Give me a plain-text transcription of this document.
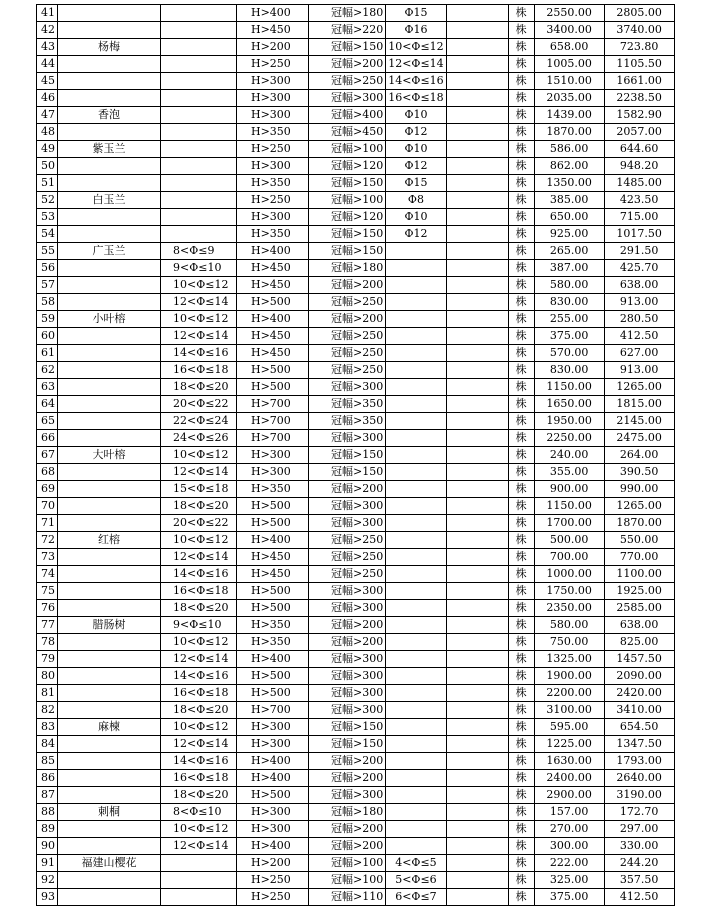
41			H>400	冠幅>180	Φ15		株	2550.00	2805.00
42			H>450	冠幅>220	Φ16		株	3400.00	3740.00
43	杨梅		H>200	冠幅>150	10<Φ≤12		株	658.00	723.80
44			H>250	冠幅>200	12<Φ≤14		株	1005.00	1105.50
45			H>300	冠幅>250	14<Φ≤16		株	1510.00	1661.00
46			H>300	冠幅>300	16<Φ≤18		株	2035.00	2238.50
47	香泡		H>300	冠幅>400	Φ10		株	1439.00	1582.90
48			H>350	冠幅>450	Φ12		株	1870.00	2057.00
49	紫玉兰		H>250	冠幅>100	Φ10		株	586.00	644.60
50			H>300	冠幅>120	Φ12		株	862.00	948.20
51			H>350	冠幅>150	Φ15		株	1350.00	1485.00
52	白玉兰		H>250	冠幅>100	Φ8		株	385.00	423.50
53			H>300	冠幅>120	Φ10		株	650.00	715.00
54			H>350	冠幅>150	Φ12		株	925.00	1017.50
55	广玉兰	8<Φ≤9	H>400	冠幅>150			株	265.00	291.50
56		9<Φ≤10	H>450	冠幅>180			株	387.00	425.70
57		10<Φ≤12	H>450	冠幅>200			株	580.00	638.00
58		12<Φ≤14	H>500	冠幅>250			株	830.00	913.00
59	小叶榕	10<Φ≤12	H>400	冠幅>200			株	255.00	280.50
60		12<Φ≤14	H>450	冠幅>250			株	375.00	412.50
61		14<Φ≤16	H>450	冠幅>250			株	570.00	627.00
62		16<Φ≤18	H>500	冠幅>250			株	830.00	913.00
63		18<Φ≤20	H>500	冠幅>300			株	1150.00	1265.00
64		20<Φ≤22	H>700	冠幅>350			株	1650.00	1815.00
65		22<Φ≤24	H>700	冠幅>350			株	1950.00	2145.00
66		24<Φ≤26	H>700	冠幅>300			株	2250.00	2475.00
67	大叶榕	10<Φ≤12	H>300	冠幅>150			株	240.00	264.00
68		12<Φ≤14	H>300	冠幅>150			株	355.00	390.50
69		15<Φ≤18	H>350	冠幅>200			株	900.00	990.00
70		18<Φ≤20	H>500	冠幅>300			株	1150.00	1265.00
71		20<Φ≤22	H>500	冠幅>300			株	1700.00	1870.00
72	红榕	10<Φ≤12	H>400	冠幅>250			株	500.00	550.00
73		12<Φ≤14	H>450	冠幅>250			株	700.00	770.00
74		14<Φ≤16	H>450	冠幅>250			株	1000.00	1100.00
75		16<Φ≤18	H>500	冠幅>300			株	1750.00	1925.00
76		18<Φ≤20	H>500	冠幅>300			株	2350.00	2585.00
77	腊肠树	9<Φ≤10	H>350	冠幅>200			株	580.00	638.00
78		10<Φ≤12	H>350	冠幅>200			株	750.00	825.00
79		12<Φ≤14	H>400	冠幅>300			株	1325.00	1457.50
80		14<Φ≤16	H>500	冠幅>300			株	1900.00	2090.00
81		16<Φ≤18	H>500	冠幅>300			株	2200.00	2420.00
82		18<Φ≤20	H>700	冠幅>300			株	3100.00	3410.00
83	麻楝	10<Φ≤12	H>300	冠幅>150			株	595.00	654.50
84		12<Φ≤14	H>300	冠幅>150			株	1225.00	1347.50
85		14<Φ≤16	H>400	冠幅>200			株	1630.00	1793.00
86		16<Φ≤18	H>400	冠幅>200			株	2400.00	2640.00
87		18<Φ≤20	H>500	冠幅>300			株	2900.00	3190.00
88	刺桐	8<Φ≤10	H>300	冠幅>180			株	157.00	172.70
89		10<Φ≤12	H>300	冠幅>200			株	270.00	297.00
90		12<Φ≤14	H>400	冠幅>200			株	300.00	330.00
91	福建山樱花		H>200	冠幅>100	4<Φ≤5		株	222.00	244.20
92			H>250	冠幅>100	5<Φ≤6		株	325.00	357.50
93			H>250	冠幅>110	6<Φ≤7		株	375.00	412.50
